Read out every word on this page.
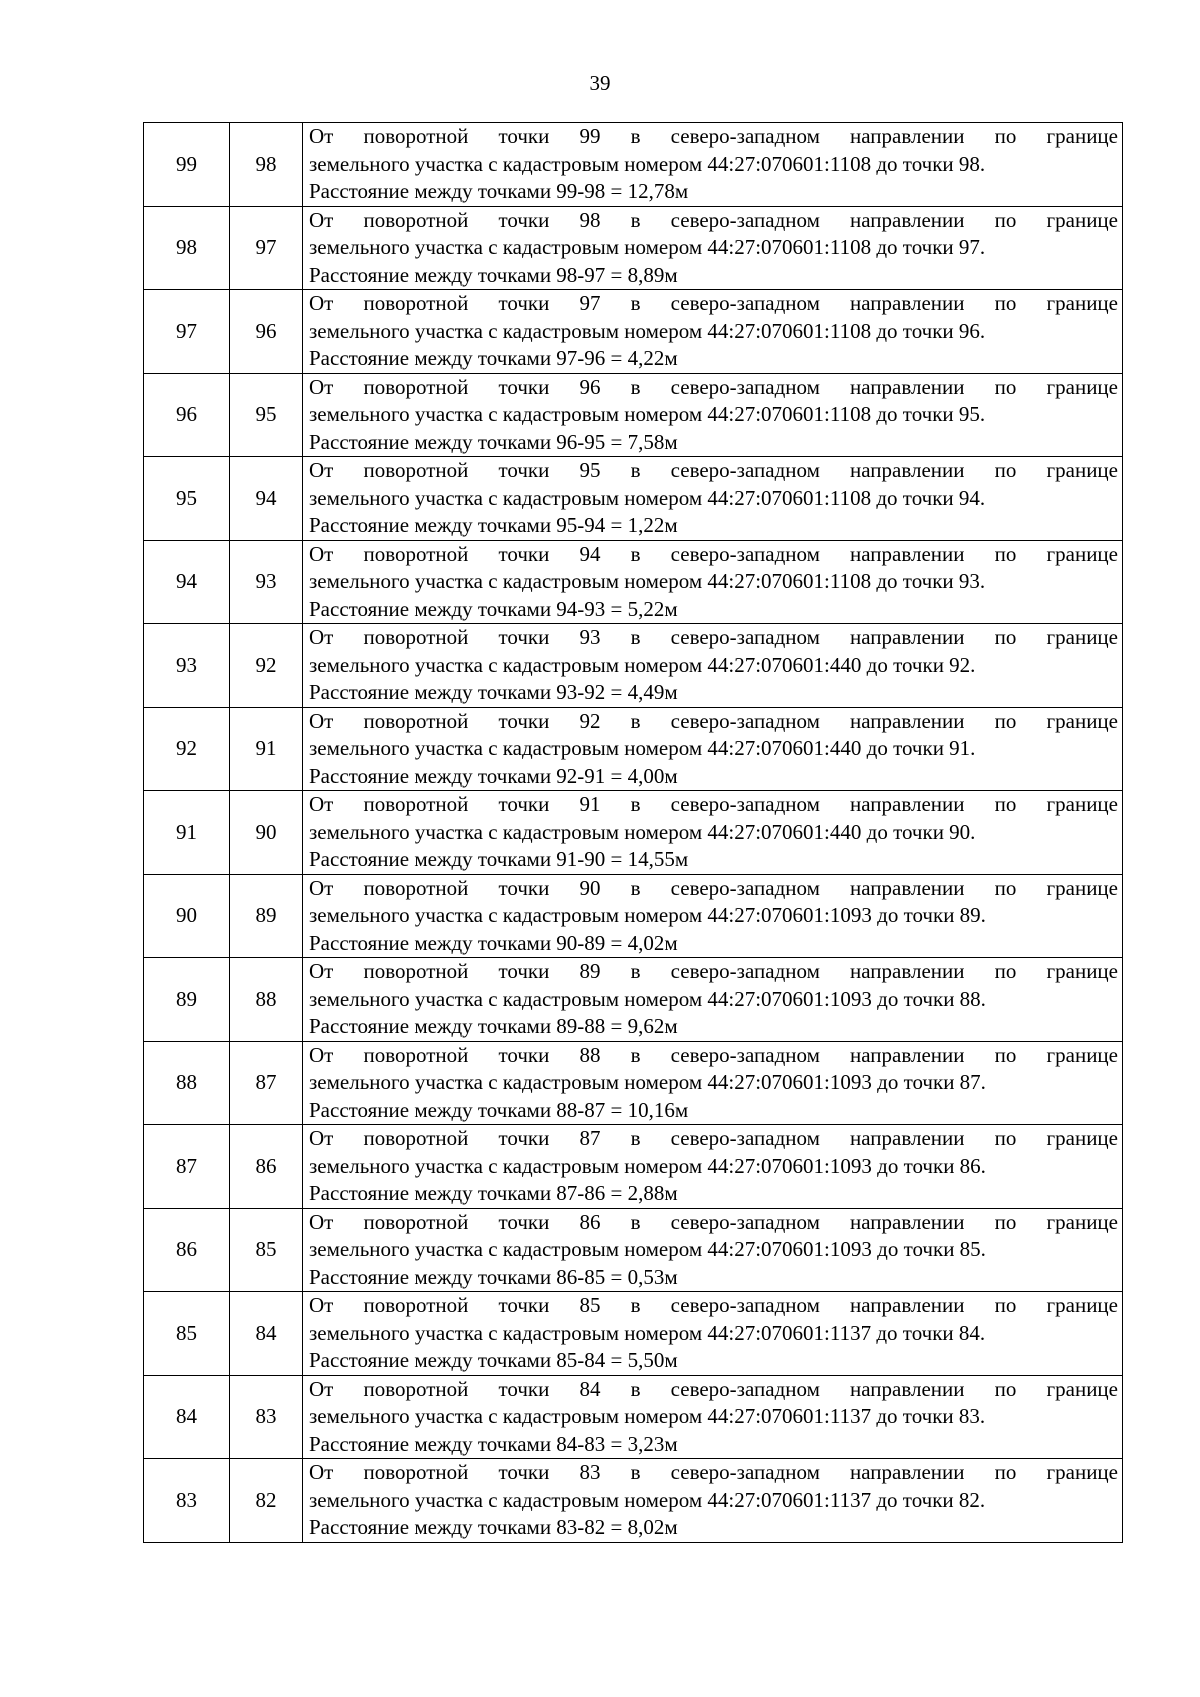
39
99	98	От поворотной точки 99 в северо-западном направлении по границе
земельного участка с кадастровым номером 44:27:070601:1108 до точки 98.
Расстояние между точками 99-98 = 12,78м

98	97	От поворотной точки 98 в северо-западном направлении по границе
земельного участка с кадастровым номером 44:27:070601:1108 до точки 97.
Расстояние между точками 98-97 = 8,89м

97	96	От поворотной точки 97 в северо-западном направлении по границе
земельного участка с кадастровым номером 44:27:070601:1108 до точки 96.
Расстояние между точками 97-96 = 4,22м

96	95	От поворотной точки 96 в северо-западном направлении по границе
земельного участка с кадастровым номером 44:27:070601:1108 до точки 95.
Расстояние между точками 96-95 = 7,58м

95	94	От поворотной точки 95 в северо-западном направлении по границе
земельного участка с кадастровым номером 44:27:070601:1108 до точки 94.
Расстояние между точками 95-94 = 1,22м

94	93	От поворотной точки 94 в северо-западном направлении по границе
земельного участка с кадастровым номером 44:27:070601:1108 до точки 93.
Расстояние между точками 94-93 = 5,22м

93	92	От поворотной точки 93 в северо-западном направлении по границе
земельного участка с кадастровым номером 44:27:070601:440 до точки 92.
Расстояние между точками 93-92 = 4,49м

92	91	От поворотной точки 92 в северо-западном направлении по границе
земельного участка с кадастровым номером 44:27:070601:440 до точки 91.
Расстояние между точками 92-91 = 4,00м

91	90	От поворотной точки 91 в северо-западном направлении по границе
земельного участка с кадастровым номером 44:27:070601:440 до точки 90.
Расстояние между точками 91-90 = 14,55м

90	89	От поворотной точки 90 в северо-западном направлении по границе
земельного участка с кадастровым номером 44:27:070601:1093 до точки 89.
Расстояние между точками 90-89 = 4,02м

89	88	От поворотной точки 89 в северо-западном направлении по границе
земельного участка с кадастровым номером 44:27:070601:1093 до точки 88.
Расстояние между точками 89-88 = 9,62м

88	87	От поворотной точки 88 в северо-западном направлении по границе
земельного участка с кадастровым номером 44:27:070601:1093 до точки 87.
Расстояние между точками 88-87 = 10,16м

87	86	От поворотной точки 87 в северо-западном направлении по границе
земельного участка с кадастровым номером 44:27:070601:1093 до точки 86.
Расстояние между точками 87-86 = 2,88м

86	85	От поворотной точки 86 в северо-западном направлении по границе
земельного участка с кадастровым номером 44:27:070601:1093 до точки 85.
Расстояние между точками 86-85 = 0,53м

85	84	От поворотной точки 85 в северо-западном направлении по границе
земельного участка с кадастровым номером 44:27:070601:1137 до точки 84.
Расстояние между точками 85-84 = 5,50м

84	83	От поворотной точки 84 в северо-западном направлении по границе
земельного участка с кадастровым номером 44:27:070601:1137 до точки 83.
Расстояние между точками 84-83 = 3,23м

83	82	От поворотной точки 83 в северо-западном направлении по границе
земельного участка с кадастровым номером 44:27:070601:1137 до точки 82.
Расстояние между точками 83-82 = 8,02м
